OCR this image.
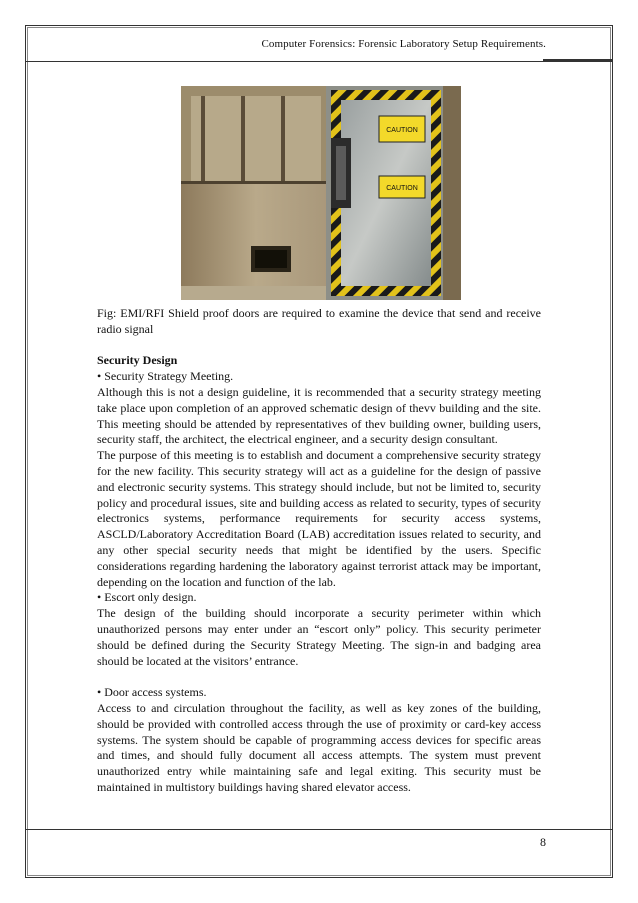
Computer Forensics: Forensic Laboratory Setup Requirements.
CAUTION
CAUTION

Fig: EMI/RFI Shield proof doors are required to examine the device that send and receive radio signal

Security Design

• Security Strategy Meeting.

Although this is not a design guideline, it is recommended that a security strategy meeting take place upon completion of an approved schematic design of thevv building and the site. This meeting should be attended by representatives of thev building owner, building users, security staff, the architect, the electrical engineer, and a security design consultant.

The purpose of this meeting is to establish and document a comprehensive security strategy for the new facility. This security strategy will act as a guideline for the design of passive and electronic security systems. This strategy should include, but not be limited to, security policy and procedural issues, site and building access as related to security, types of security electronics systems, performance requirements for security access systems, ASCLD/Laboratory Accreditation Board (LAB) accreditation issues related to security, and any other special security needs that might be identified by the users. Specific considerations regarding hardening the laboratory against terrorist attack may be important, depending on the location and function of the lab.

• Escort only design.

The design of the building should incorporate a security perimeter within which unauthorized persons may enter under an “escort only” policy. This security perimeter should be defined during the Security Strategy Meeting. The sign-in and badging area should be located at the visitors’ entrance.

• Door access systems.

Access to and circulation throughout the facility, as well as key zones of the building, should be provided with controlled access through the use of proximity or card-key access systems. The system should be capable of programming access devices for specific areas and times, and should fully document all access attempts. The system must prevent unauthorized entry while maintaining safe and legal exiting. This security must be maintained in multistory buildings having shared elevator access.

8
